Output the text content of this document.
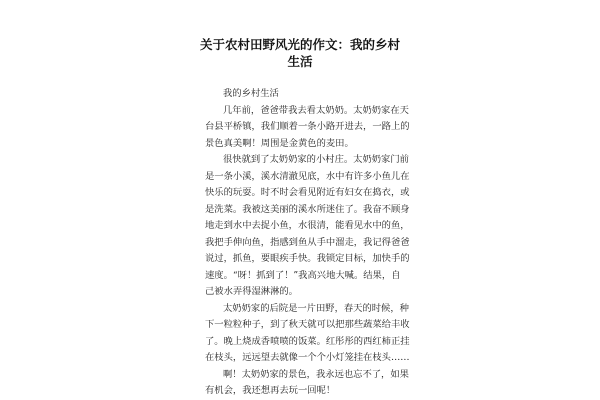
关于农村田野风光的作文：我的乡村
生活
我的乡村生活
几年前，爸爸带我去看太奶奶。太奶奶家在天
台县平桥镇，我们顺着一条小路开进去，一路上的
景色真美啊！周围是金黄色的麦田。
很快就到了太奶奶家的小村庄。太奶奶家门前
是一条小溪，溪水清澈见底，水中有许多小鱼儿在
快乐的玩耍。时不时会看见附近有妇女在捣衣，或
是洗菜。我被这美丽的溪水所迷住了。我奋不顾身
地走到水中去捉小鱼，水很清，能看见水中的鱼，
我把手伸向鱼，指感到鱼从手中溜走，我记得爸爸
说过，抓鱼，要眼疾手快。我锁定目标，加快手的
速度。“呀！抓到了！”我高兴地大喊。结果，自
己被水弄得湿淋淋的。
太奶奶家的后院是一片田野，春天的时候，种
下一粒粒种子，到了秋天就可以把那些蔬菜给丰收
了。晚上烧成香喷喷的饭菜。红彤彤的西红柿正挂
在枝头，远远望去就像一个个小灯笼挂在枝头……
啊！太奶奶家的景色，我永远也忘不了，如果
有机会，我还想再去玩一回呢！
